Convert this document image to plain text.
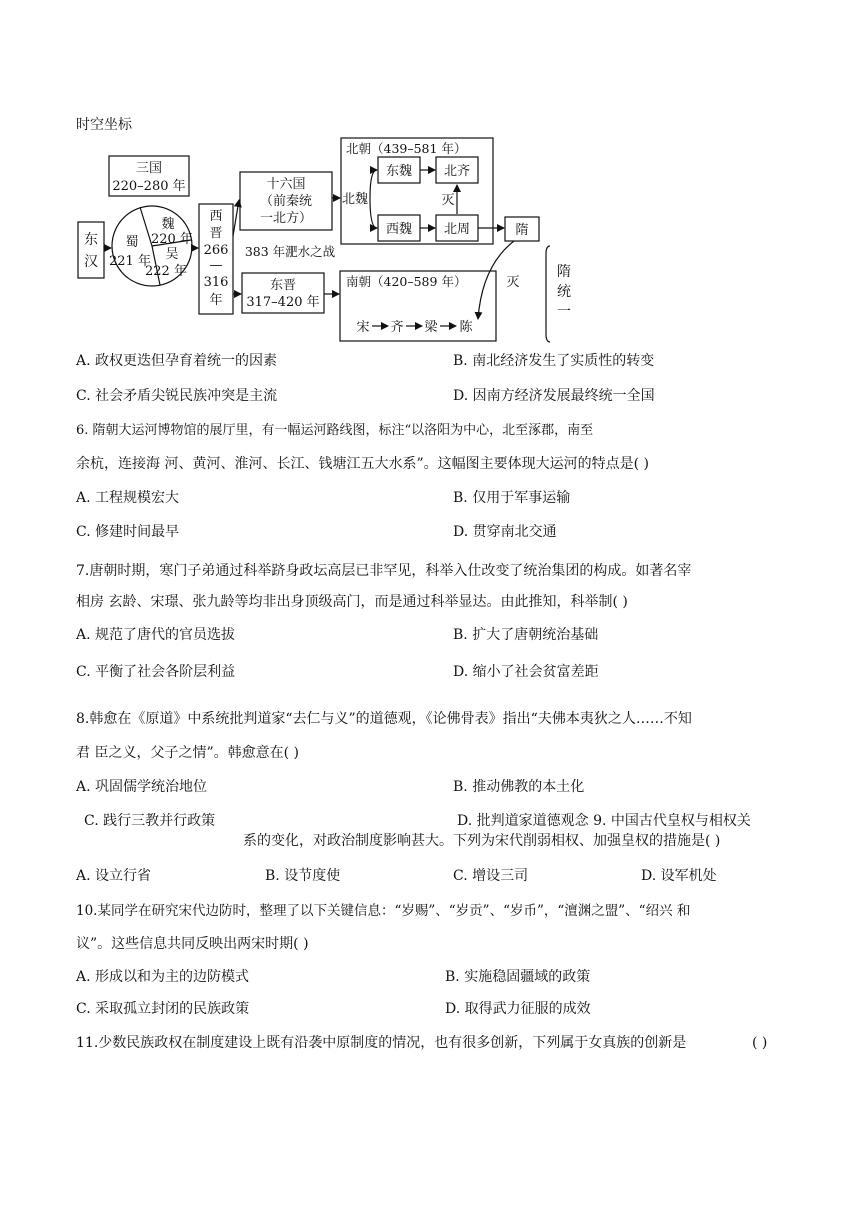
时空坐标
三国
220–280 年
东
汉
魏
220 年
蜀
221 年 吴
222 年
西
晋
266
—
316
年
十六国
（前秦统
一北方）
383 年淝水之战
东晋
317–420 年
北朝（439–581 年）
北魏
东魏 北齐
灭
西魏 北周	隋
南朝（420–589 年）	灭
宋 齐 梁 陈
隋
统
一
A. 政权更迭但孕育着统一的因素	B. 南北经济发生了实质性的转变
C. 社会矛盾尖锐民族冲突是主流	D. 因南方经济发展最终统一全国
6. 隋朝大运河博物馆的展厅里，有一幅运河路线图，标注“以洛阳为中心，北至涿郡，南至
余杭，连接海 河、黄河、淮河、长江、钱塘江五大水系”。这幅图主要体现大运河的特点是( )
A. 工程规模宏大	B. 仅用于军事运输
C. 修建时间最早	D. 贯穿南北交通
7.唐朝时期，寒门子弟通过科举跻身政坛高层已非罕见，科举入仕改变了统治集团的构成。如著名宰
相房 玄龄、宋璟、张九龄等均非出身顶级高门，而是通过科举显达。由此推知，科举制( )
A. 规范了唐代的官员选拔	B. 扩大了唐朝统治基础
C. 平衡了社会各阶层利益	D. 缩小了社会贫富差距
8.韩愈在《原道》中系统批判道家“去仁与义”的道德观，《论佛骨表》指出“夫佛本夷狄之人……不知
君 臣之义，父子之情”。韩愈意在( )
A. 巩固儒学统治地位	B. 推动佛教的本土化
C. 践行三教并行政策	D. 批判道家道德观念 9. 中国古代皇权与相权关
系的变化，对政治制度影响甚大。下列为宋代削弱相权、加强皇权的措施是( )
A. 设立行省	B. 设节度使	C. 增设三司	D. 设军机处
10.某同学在研究宋代边防时，整理了以下关键信息：“岁赐”、“岁贡”、“岁币”，“澶渊之盟”、“绍兴 和
议”。这些信息共同反映出两宋时期( )
A. 形成以和为主的边防模式	B. 实施稳固疆域的政策
C. 采取孤立封闭的民族政策	D. 取得武力征服的成效
11.少数民族政权在制度建设上既有沿袭中原制度的情况，也有很多创新，下列属于女真族的创新是	( )
